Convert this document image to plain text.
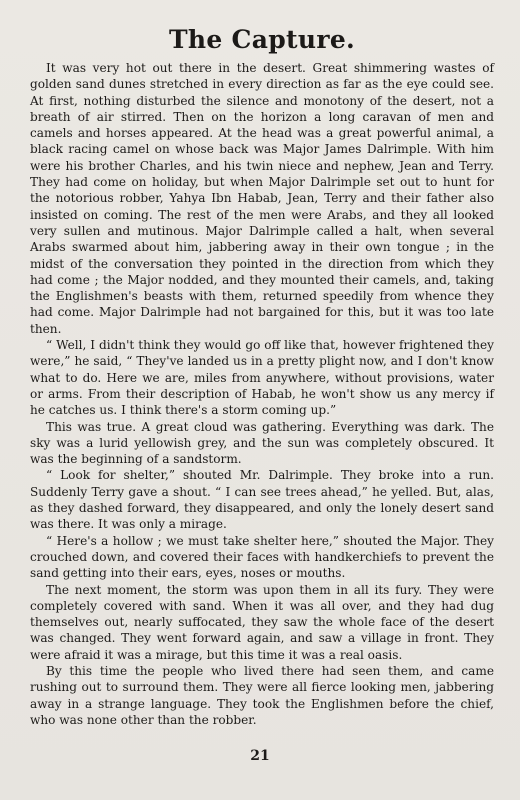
The Capture.

It was very hot out there in the desert. Great shimmering wastes of golden sand dunes stretched in every direction as far as the eye could see. At first, nothing disturbed the silence and monotony of the desert, not a breath of air stirred. Then on the horizon a long caravan of men and camels and horses appeared. At the head was a great powerful animal, a black racing camel on whose back was Major James Dalrimple. With him were his brother Charles, and his twin niece and nephew, Jean and Terry. They had come on holiday, but when Major Dalrimple set out to hunt for the notorious robber, Yahya Ibn Habab, Jean, Terry and their father also insisted on coming. The rest of the men were Arabs, and they all looked very sullen and mutinous. Major Dalrimple called a halt, when several Arabs swarmed about him, jabbering away in their own tongue ; in the midst of the conversation they pointed in the direction from which they had come ; the Major nodded, and they mounted their camels, and, taking the Englishmen's beasts with them, returned speedily from whence they had come. Major Dalrimple had not bargained for this, but it was too late then.

“ Well, I didn't think they would go off like that, however frightened they were,” he said, “ They've landed us in a pretty plight now, and I don't know what to do. Here we are, miles from anywhere, without provisions, water or arms. From their description of Habab, he won't show us any mercy if he catches us. I think there's a storm coming up.”

This was true. A great cloud was gathering. Everything was dark. The sky was a lurid yellowish grey, and the sun was completely obscured. It was the beginning of a sandstorm.

“ Look for shelter,” shouted Mr. Dalrimple. They broke into a run. Suddenly Terry gave a shout. “ I can see trees ahead,” he yelled. But, alas, as they dashed forward, they disappeared, and only the lonely desert sand was there. It was only a mirage.

“ Here's a hollow ; we must take shelter here,” shouted the Major. They crouched down, and covered their faces with handkerchiefs to prevent the sand getting into their ears, eyes, noses or mouths.

The next moment, the storm was upon them in all its fury. They were completely covered with sand. When it was all over, and they had dug themselves out, nearly suffocated, they saw the whole face of the desert was changed. They went forward again, and saw a village in front. They were afraid it was a mirage, but this time it was a real oasis.

By this time the people who lived there had seen them, and came rushing out to surround them. They were all fierce looking men, jabbering away in a strange language. They took the Englishmen before the chief, who was none other than the robber.

21
